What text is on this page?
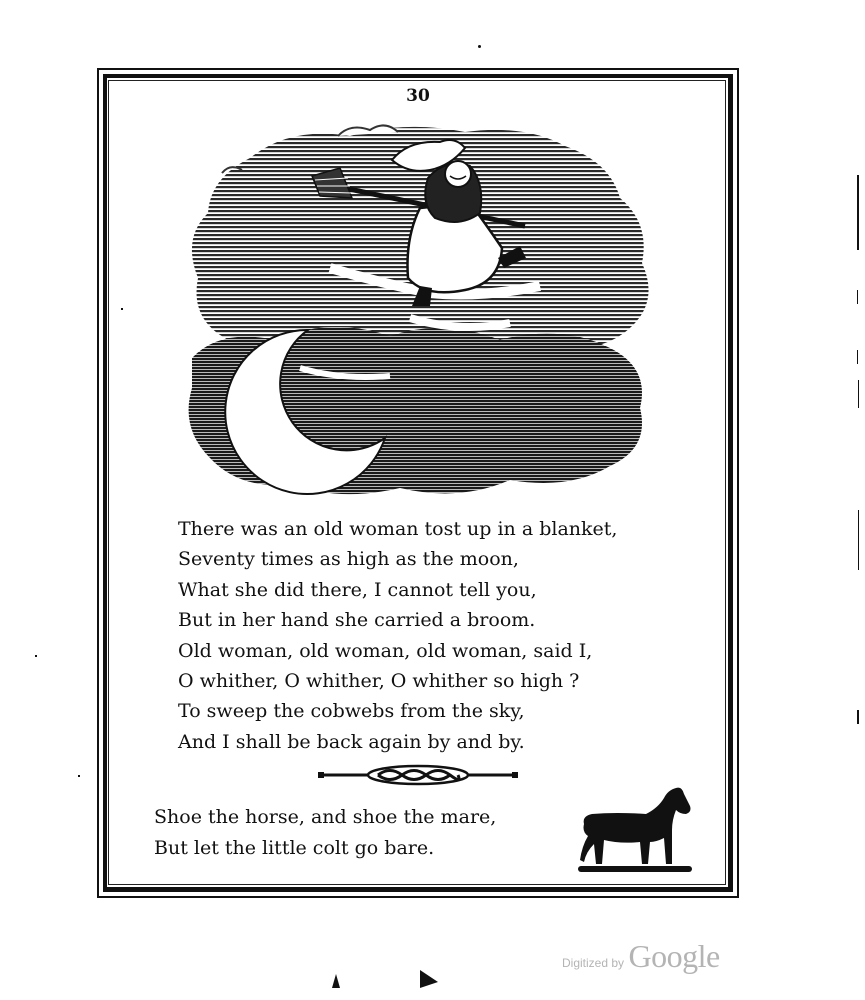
30
There was an old woman tost up in a blanket,
Seventy times as high as the moon,
What she did there, I cannot tell you,
But in her hand she carried a broom.
Old woman, old woman, old woman, said I,
O whither, O whither, O whither so high ?
To sweep the cobwebs from the sky,
And I shall be back again by and by.
Shoe the horse, and shoe the mare,
But let the little colt go bare.
Digitized by Google
